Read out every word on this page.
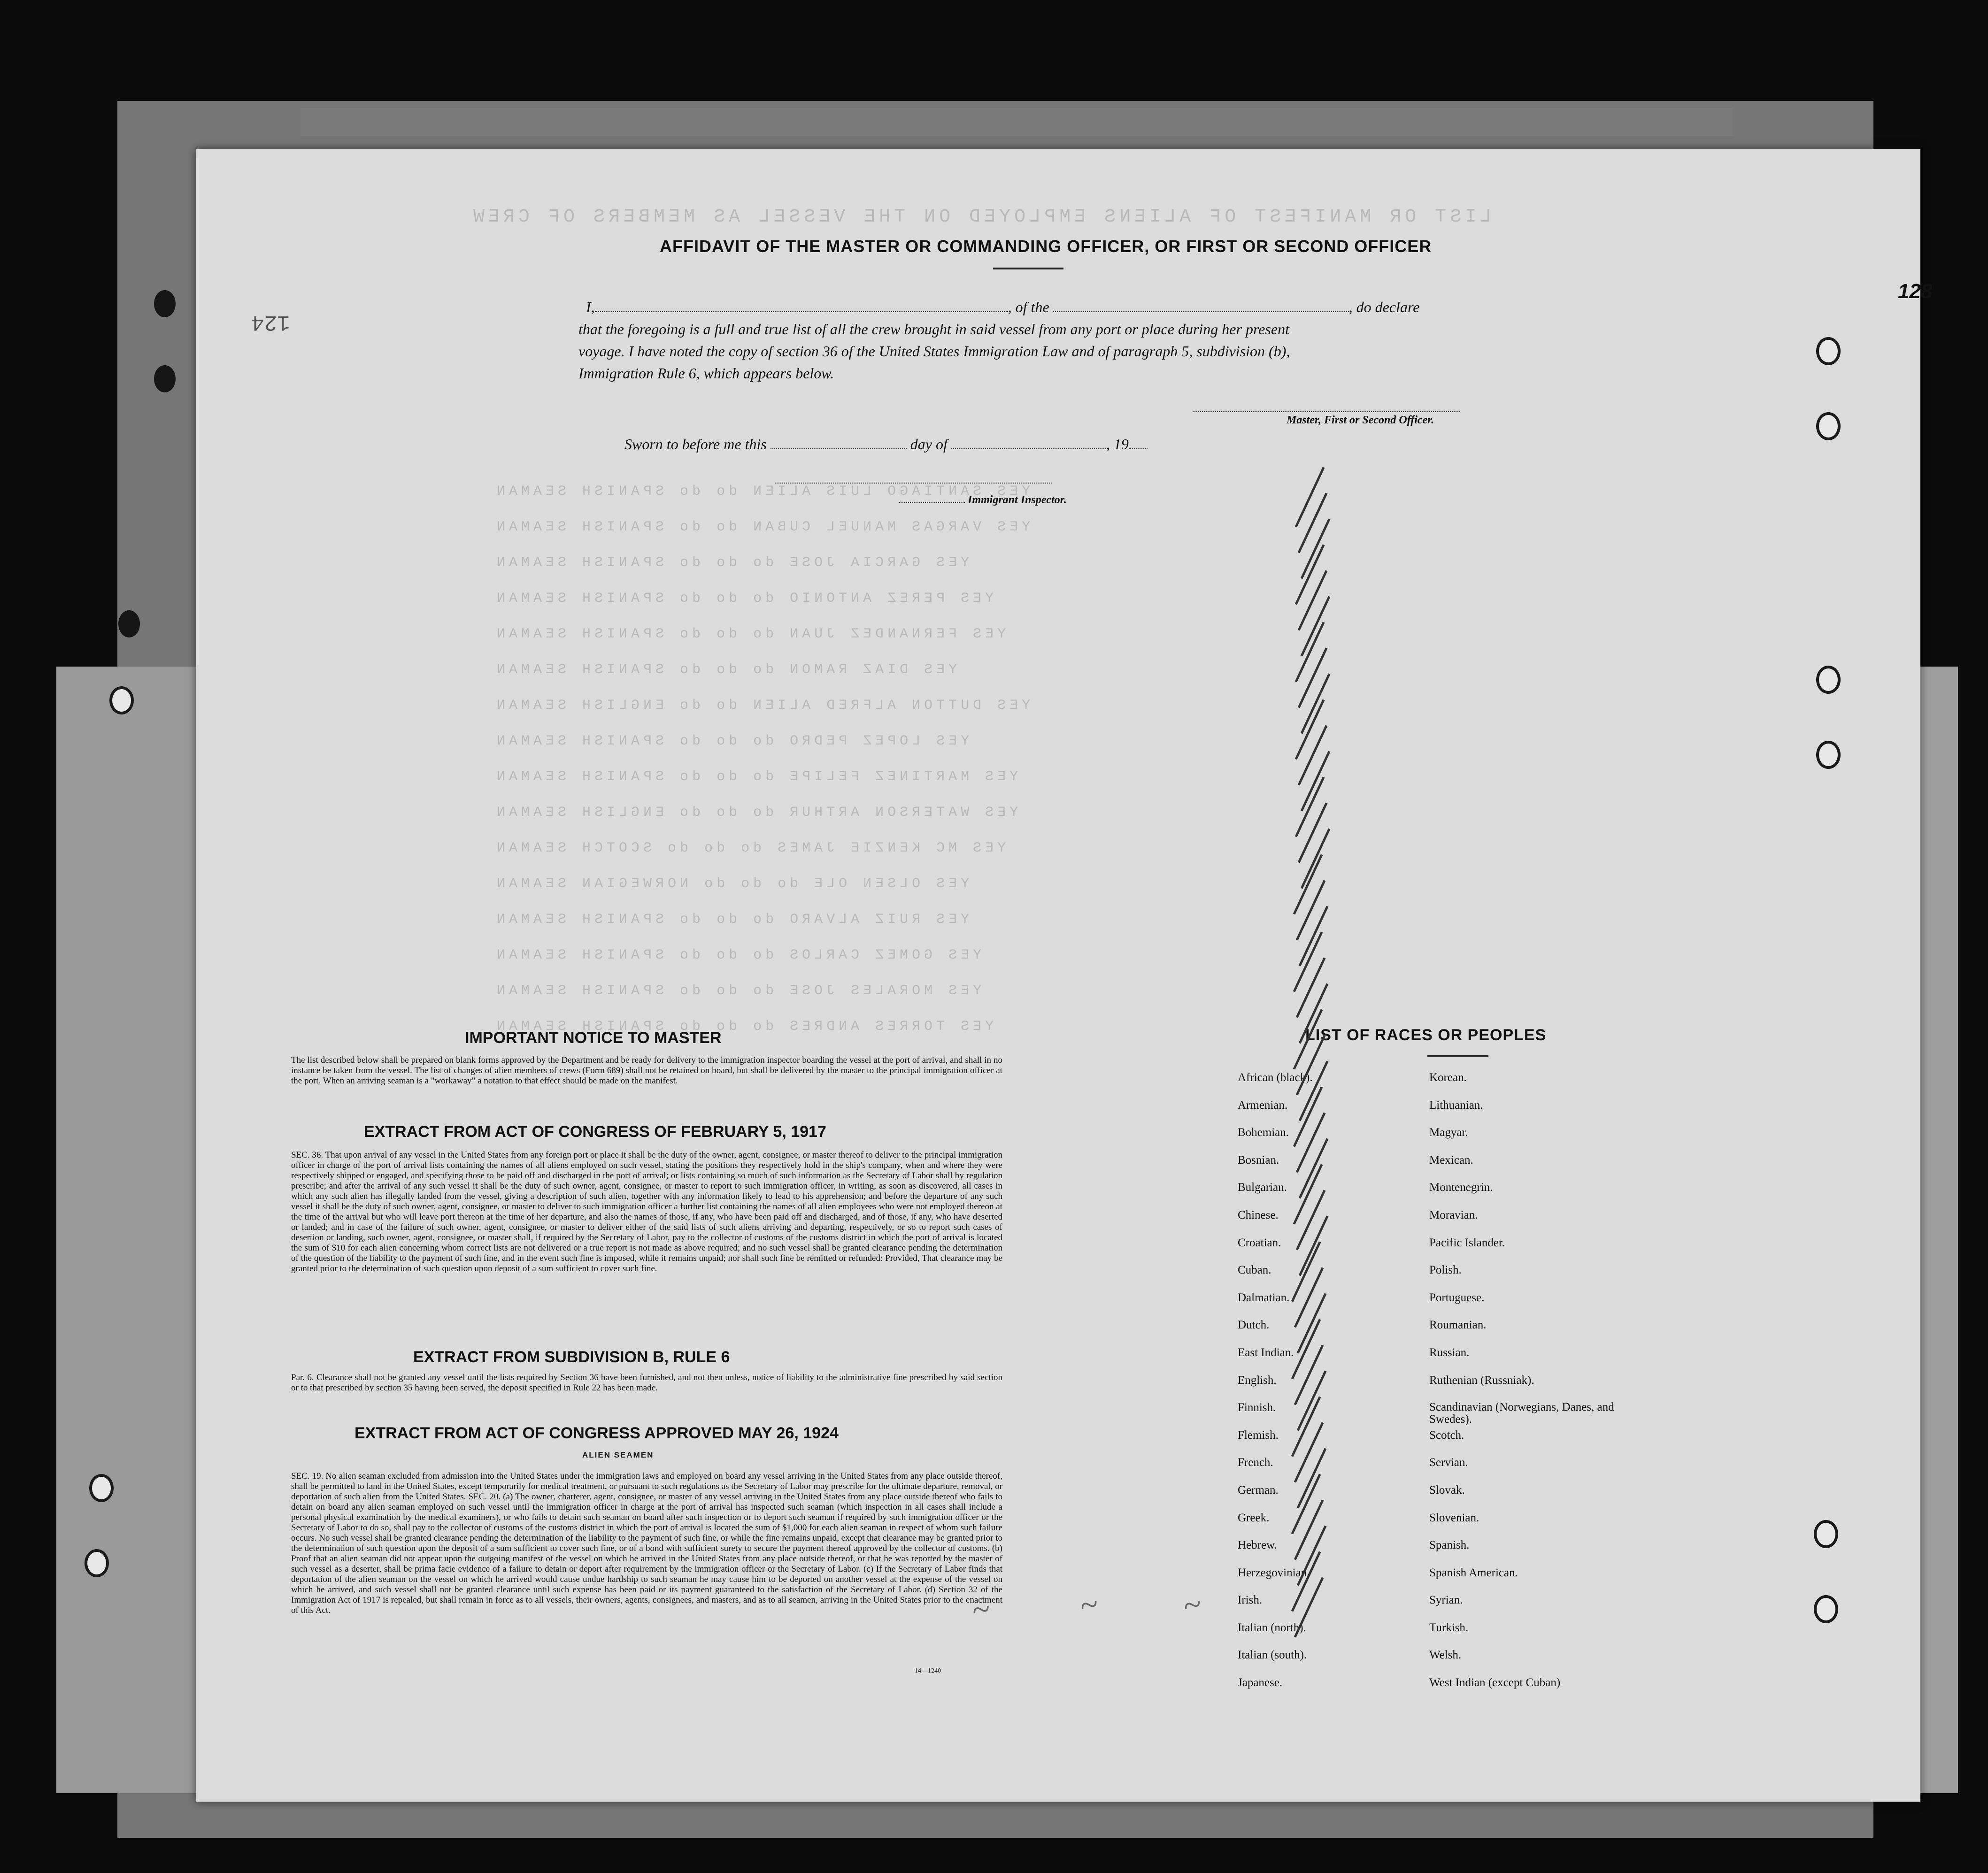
LIST OR MANIFEST OF ALIENS EMPLOYED ON THE VESSEL AS MEMBERS OF CREW
YES SANTIAGO LUIS ALIEN do do SPANISH SEAMAN
YES VARGAS MANUEL CUBAN do do SPANISH SEAMAN
YES GARCIA JOSE do do do SPANISH SEAMAN
YES PEREZ ANTONIO do do do SPANISH SEAMAN
YES FERNANDEZ JUAN do do do SPANISH SEAMAN
YES DIAZ RAMON do do do SPANISH SEAMAN
YES DUTTON ALFRED ALIEN do do ENGLISH SEAMAN
YES LOPEZ PEDRO do do do SPANISH SEAMAN
YES MARTINEZ FELIPE do do do SPANISH SEAMAN
YES WATERSON ARTHUR do do do ENGLISH SEAMAN
YES MC KENZIE JAMES do do do SCOTCH SEAMAN
YES OLSEN OLE do do do NORWEGIAN SEAMAN
YES RUIZ ALVARO do do do SPANISH SEAMAN
YES GOMEZ CARLOS do do do SPANISH SEAMAN
YES MORALES JOSE do do do SPANISH SEAMAN
YES TORRES ANDRES do do do SPANISH SEAMAN
128
124
AFFIDAVIT OF THE MASTER OR COMMANDING OFFICER, OR FIRST OR SECOND OFFICER
I,	, of the	, do declare
that the foregoing is a full and true list of all the crew brought in said vessel from any port or place during her present
voyage. I have noted the copy of section 36 of the United States Immigration Law and of paragraph 5, subdivision (b),
Immigration Rule 6, which appears below.
Master, First or Second Officer.
Sworn to before me this	day of	, 19
Immigrant Inspector.
IMPORTANT NOTICE TO MASTER
The list described below shall be prepared on blank forms approved by the Department and be ready for delivery to the immigration inspector boarding the vessel at the port of arrival, and shall in no instance be taken from the vessel. The list of changes of alien members of crews (Form 689) shall not be retained on board, but shall be delivered by the master to the principal immigration officer at the port. When an arriving seaman is a "workaway" a notation to that effect should be made on the manifest.
EXTRACT FROM ACT OF CONGRESS OF FEBRUARY 5, 1917
SEC. 36. That upon arrival of any vessel in the United States from any foreign port or place it shall be the duty of the owner, agent, consignee, or master thereof to deliver to the principal immigration officer in charge of the port of arrival lists containing the names of all aliens employed on such vessel, stating the positions they respectively hold in the ship's company, when and where they were respectively shipped or engaged, and specifying those to be paid off and discharged in the port of arrival; or lists containing so much of such information as the Secretary of Labor shall by regulation prescribe; and after the arrival of any such vessel it shall be the duty of such owner, agent, consignee, or master to report to such immigration officer, in writing, as soon as discovered, all cases in which any such alien has illegally landed from the vessel, giving a description of such alien, together with any information likely to lead to his apprehension; and before the departure of any such vessel it shall be the duty of such owner, agent, consignee, or master to deliver to such immigration officer a further list containing the names of all alien employees who were not employed thereon at the time of the arrival but who will leave port thereon at the time of her departure, and also the names of those, if any, who have been paid off and discharged, and of those, if any, who have deserted or landed; and in case of the failure of such owner, agent, consignee, or master to deliver either of the said lists of such aliens arriving and departing, respectively, or so to report such cases of desertion or landing, such owner, agent, consignee, or master shall, if required by the Secretary of Labor, pay to the collector of customs of the customs district in which the port of arrival is located the sum of $10 for each alien concerning whom correct lists are not delivered or a true report is not made as above required; and no such vessel shall be granted clearance pending the determination of the question of the liability to the payment of such fine, and in the event such fine is imposed, while it remains unpaid; nor shall such fine be remitted or refunded: Provided, That clearance may be granted prior to the determination of such question upon deposit of a sum sufficient to cover such fine.
EXTRACT FROM SUBDIVISION B, RULE 6
Par. 6. Clearance shall not be granted any vessel until the lists required by Section 36 have been furnished, and not then unless, notice of liability to the administrative fine prescribed by said section or to that prescribed by section 35 having been served, the deposit specified in Rule 22 has been made.
EXTRACT FROM ACT OF CONGRESS APPROVED MAY 26, 1924
ALIEN SEAMEN
SEC. 19. No alien seaman excluded from admission into the United States under the immigration laws and employed on board any vessel arriving in the United States from any place outside thereof, shall be permitted to land in the United States, except temporarily for medical treatment, or pursuant to such regulations as the Secretary of Labor may prescribe for the ultimate departure, removal, or deportation of such alien from the United States. SEC. 20. (a) The owner, charterer, agent, consignee, or master of any vessel arriving in the United States from any place outside thereof who fails to detain on board any alien seaman employed on such vessel until the immigration officer in charge at the port of arrival has inspected such seaman (which inspection in all cases shall include a personal physical examination by the medical examiners), or who fails to detain such seaman on board after such inspection or to deport such seaman if required by such immigration officer or the Secretary of Labor to do so, shall pay to the collector of customs of the customs district in which the port of arrival is located the sum of $1,000 for each alien seaman in respect of whom such failure occurs. No such vessel shall be granted clearance pending the determination of the liability to the payment of such fine, or while the fine remains unpaid, except that clearance may be granted prior to the determination of such question upon the deposit of a sum sufficient to cover such fine, or of a bond with sufficient surety to secure the payment thereof approved by the collector of customs. (b) Proof that an alien seaman did not appear upon the outgoing manifest of the vessel on which he arrived in the United States from any place outside thereof, or that he was reported by the master of such vessel as a deserter, shall be prima facie evidence of a failure to detain or deport after requirement by the immigration officer or the Secretary of Labor. (c) If the Secretary of Labor finds that deportation of the alien seaman on the vessel on which he arrived would cause undue hardship to such seaman he may cause him to be deported on another vessel at the expense of the vessel on which he arrived, and such vessel shall not be granted clearance until such expense has been paid or its payment guaranteed to the satisfaction of the Secretary of Labor. (d) Section 32 of the Immigration Act of 1917 is repealed, but shall remain in force as to all vessels, their owners, agents, consignees, and masters, and as to all seamen, arriving in the United States prior to the enactment of this Act.
14—1240
LIST OF RACES OR PEOPLES
African (black).
Armenian.
Bohemian.
Bosnian.
Bulgarian.
Chinese.
Croatian.
Cuban.
Dalmatian.
Dutch.
East Indian.
English.
Finnish.
Flemish.
French.
German.
Greek.
Hebrew.
Herzegovinian.
Irish.
Italian (north).
Italian (south).
Japanese.
Korean.
Lithuanian.
Magyar.
Mexican.
Montenegrin.
Moravian.
Pacific Islander.
Polish.
Portuguese.
Roumanian.
Russian.
Ruthenian (Russniak).
Scandinavian (Norwegians, Danes, and Swedes).
Scotch.
Servian.
Slovak.
Slovenian.
Spanish.
Spanish American.
Syrian.
Turkish.
Welsh.
West Indian (except Cuban)
~	~ ~
